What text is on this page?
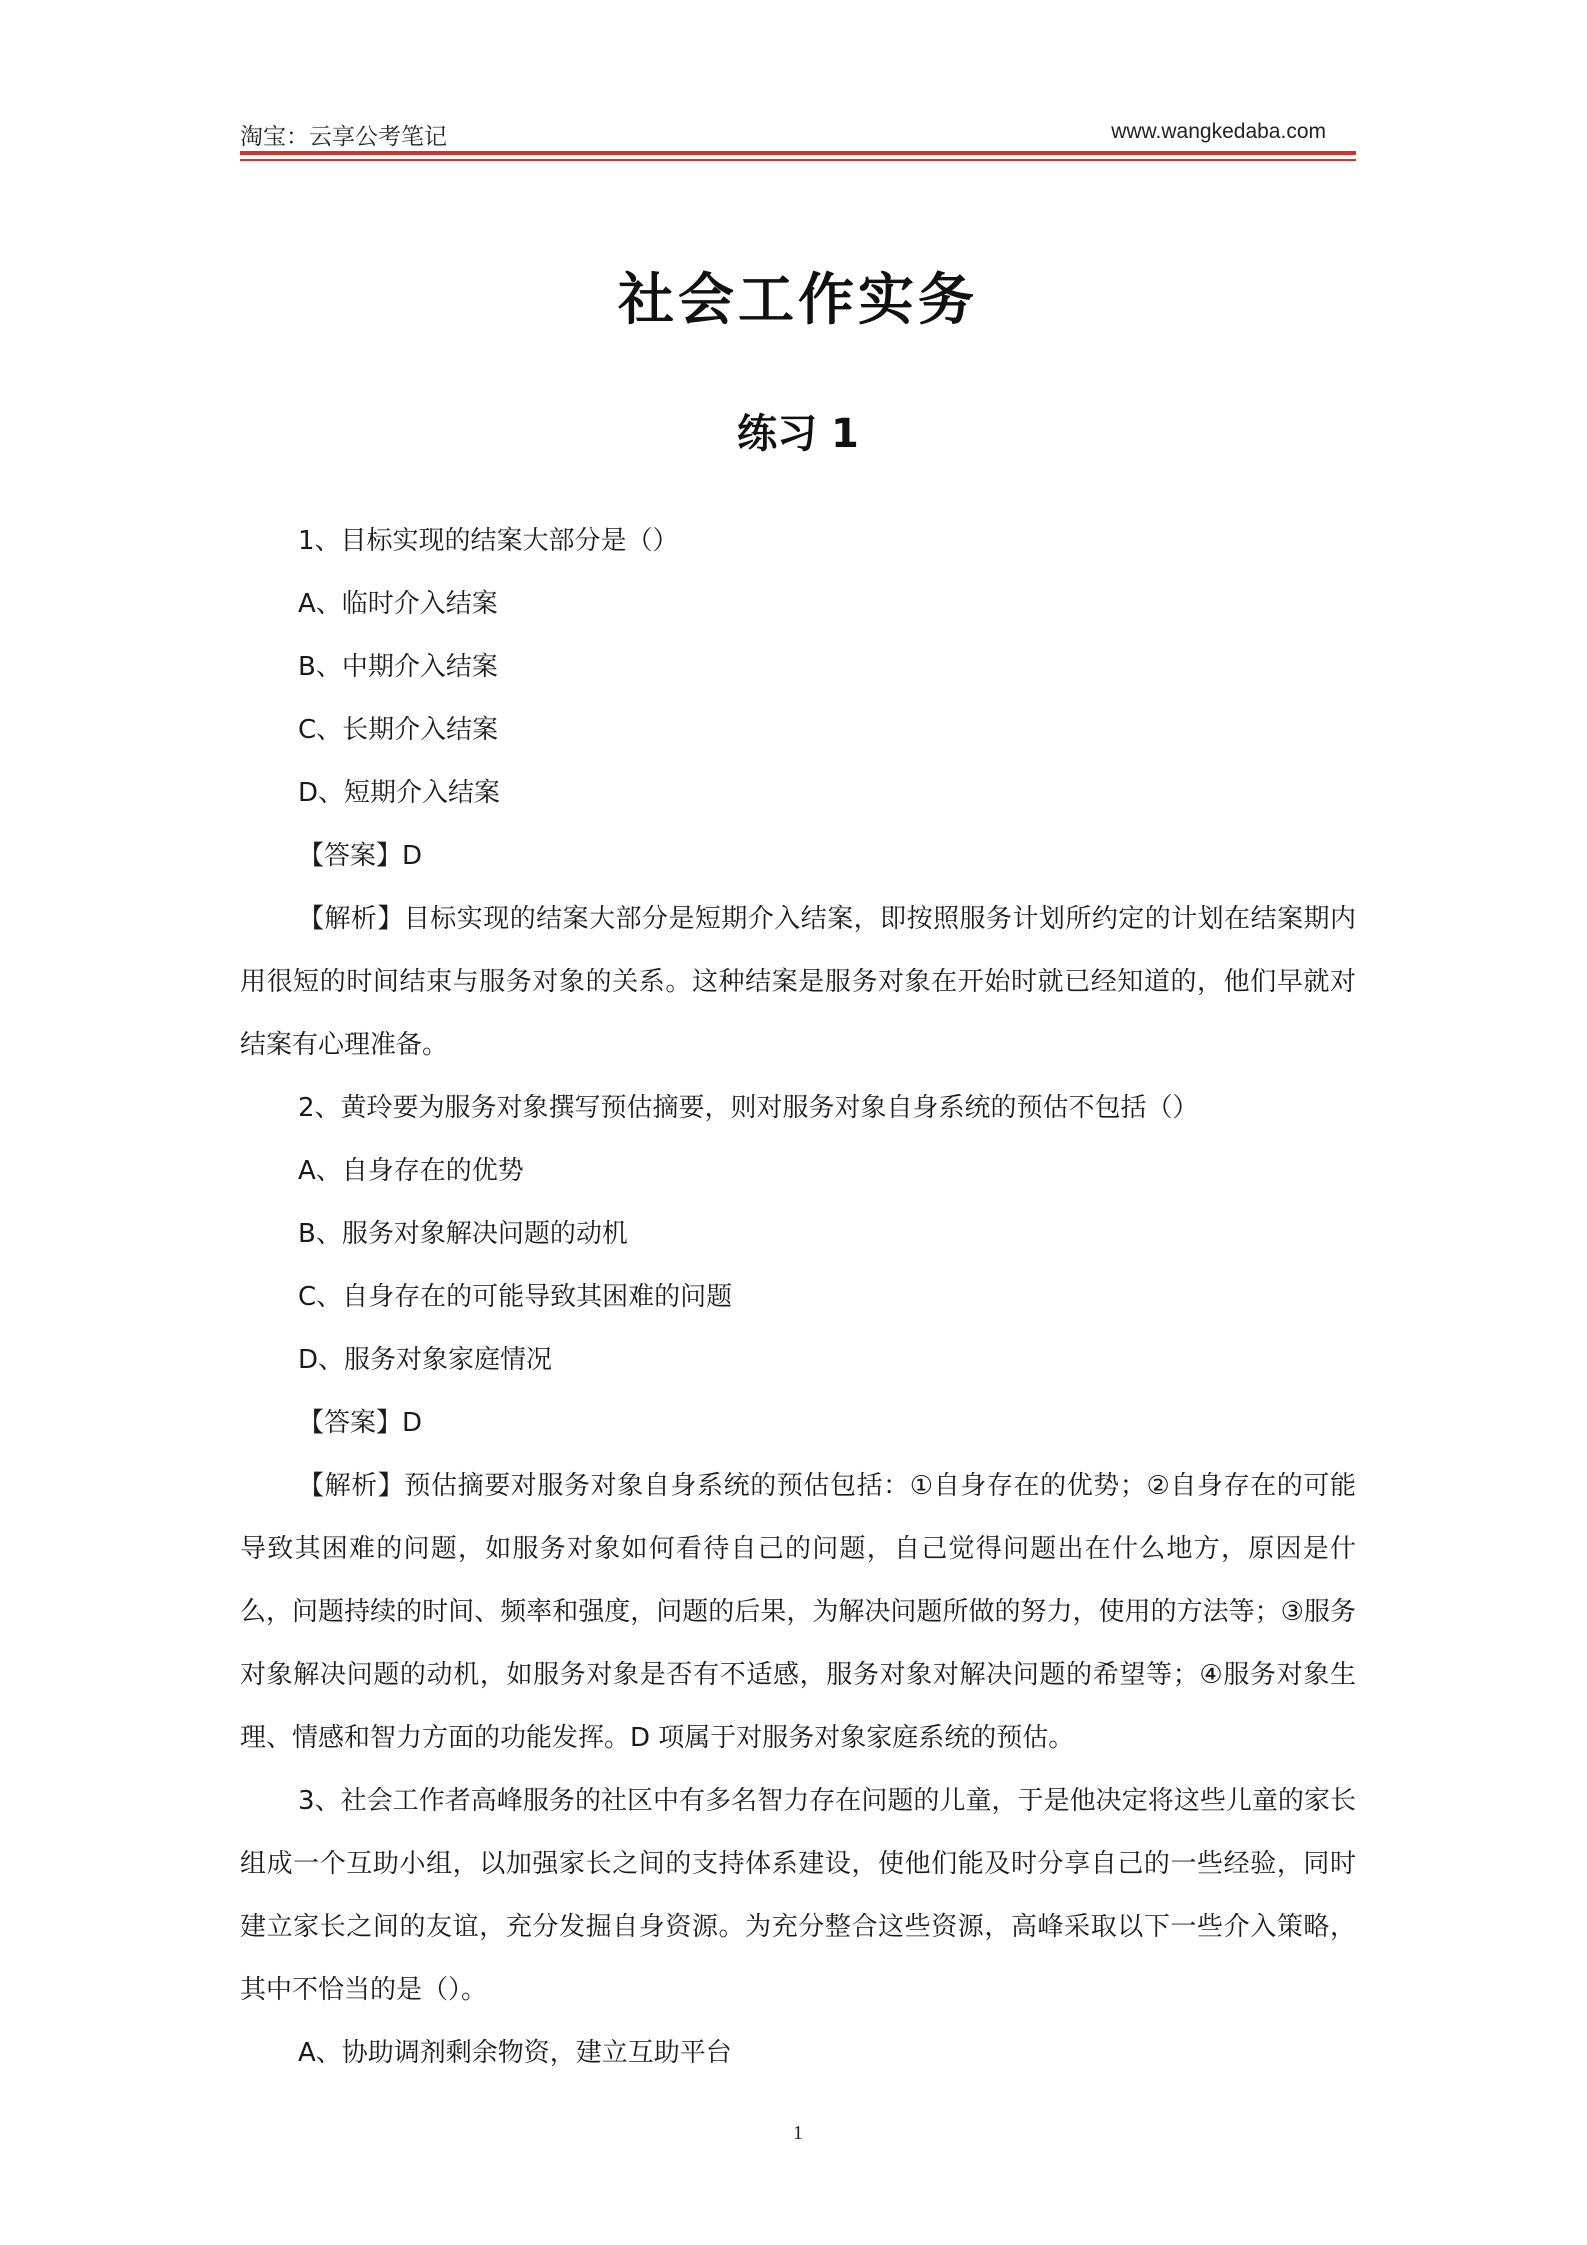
淘宝：云享公考笔记	www.wangkedaba.com
社会工作实务
练习 1

1、目标实现的结案大部分是（）

A、临时介入结案

B、中期介入结案

C、长期介入结案

D、短期介入结案

【答案】D

【解析】目标实现的结案大部分是短期介入结案，即按照服务计划所约定的计划在结案期内用很短的时间结束与服务对象的关系。这种结案是服务对象在开始时就已经知道的，他们早就对结案有心理准备。

2、黄玲要为服务对象撰写预估摘要，则对服务对象自身系统的预估不包括（）

A、自身存在的优势

B、服务对象解决问题的动机

C、自身存在的可能导致其困难的问题

D、服务对象家庭情况

【答案】D

【解析】预估摘要对服务对象自身系统的预估包括：①自身存在的优势；②自身存在的可能导致其困难的问题，如服务对象如何看待自己的问题，自己觉得问题出在什么地方，原因是什么，问题持续的时间、频率和强度，问题的后果，为解决问题所做的努力，使用的方法等；③服务对象解决问题的动机，如服务对象是否有不适感，服务对象对解决问题的希望等；④服务对象生理、情感和智力方面的功能发挥。D 项属于对服务对象家庭系统的预估。

3、社会工作者高峰服务的社区中有多名智力存在问题的儿童，于是他决定将这些儿童的家长组成一个互助小组，以加强家长之间的支持体系建设，使他们能及时分享自己的一些经验，同时建立家长之间的友谊，充分发掘自身资源。为充分整合这些资源，高峰采取以下一些介入策略，其中不恰当的是（）。

A、协助调剂剩余物资，建立互助平台

1
